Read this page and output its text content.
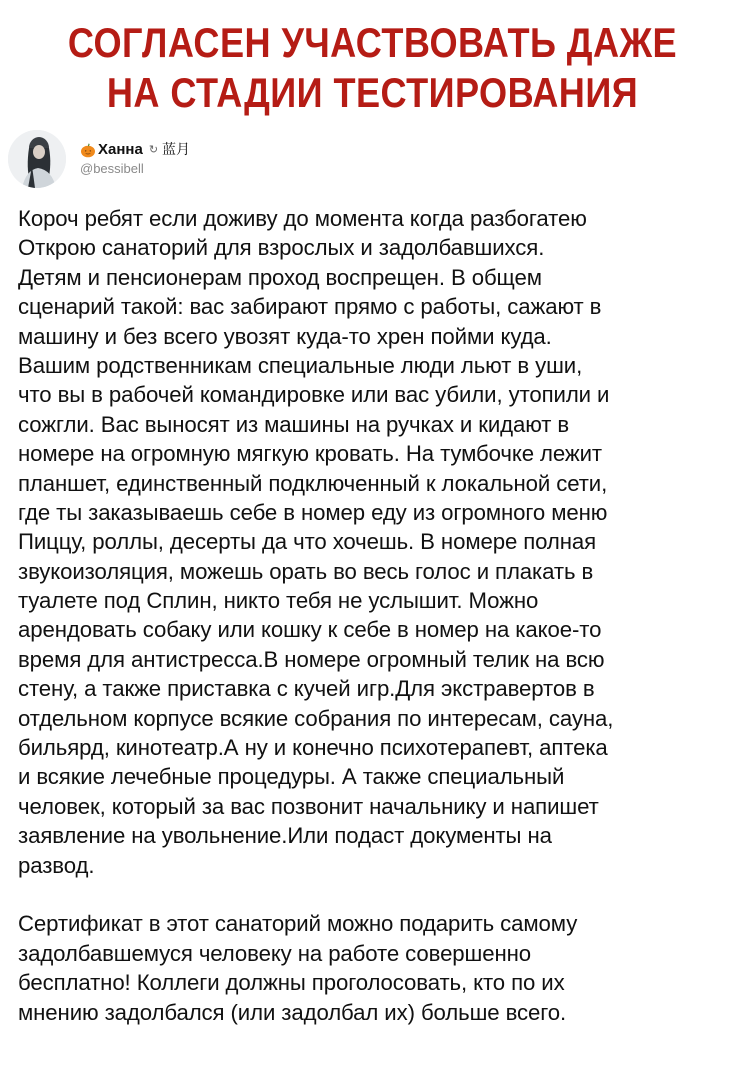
СОГЛАСЕН УЧАСТВОВАТЬ ДАЖЕ
НА СТАДИИ ТЕСТИРОВАНИЯ
Ханна ↻ 蓝月
@bessibell
Короч ребят если доживу до момента когда разбогатею
Открою санаторий для взрослых и задолбавшихся.
Детям и пенсионерам проход воспрещен. В общем
сценарий такой: вас забирают прямо с работы, сажают в
машину и без всего увозят куда-то хрен пойми куда.
Вашим родственникам специальные люди льют в уши,
что вы в рабочей командировке или вас убили, утопили и
сожгли. Вас выносят из машины на ручках и кидают в
номере на огромную мягкую кровать. На тумбочке лежит
планшет, единственный подключенный к локальной сети,
где ты заказываешь себе в номер еду из огромного меню
Пиццу, роллы, десерты да что хочешь. В номере полная
звукоизоляция, можешь орать во весь голос и плакать в
туалете под Сплин, никто тебя не услышит. Можно
арендовать собаку или кошку к себе в номер на какое-то
время для антистресса.В номере огромный телик на всю
стену, а также приставка с кучей игр.Для экстравертов в
отдельном корпусе всякие собрания по интересам, сауна,
бильярд, кинотеатр.А ну и конечно психотерапевт, аптека
и всякие лечебные процедуры. А также специальный
человек, который за вас позвонит начальнику и напишет
заявление на увольнение.Или подаст документы на
развод.
Сертификат в этот санаторий можно подарить самому
задолбавшемуся человеку на работе совершенно
бесплатно! Коллеги должны проголосовать, кто по их
мнению задолбался (или задолбал их) больше всего.
